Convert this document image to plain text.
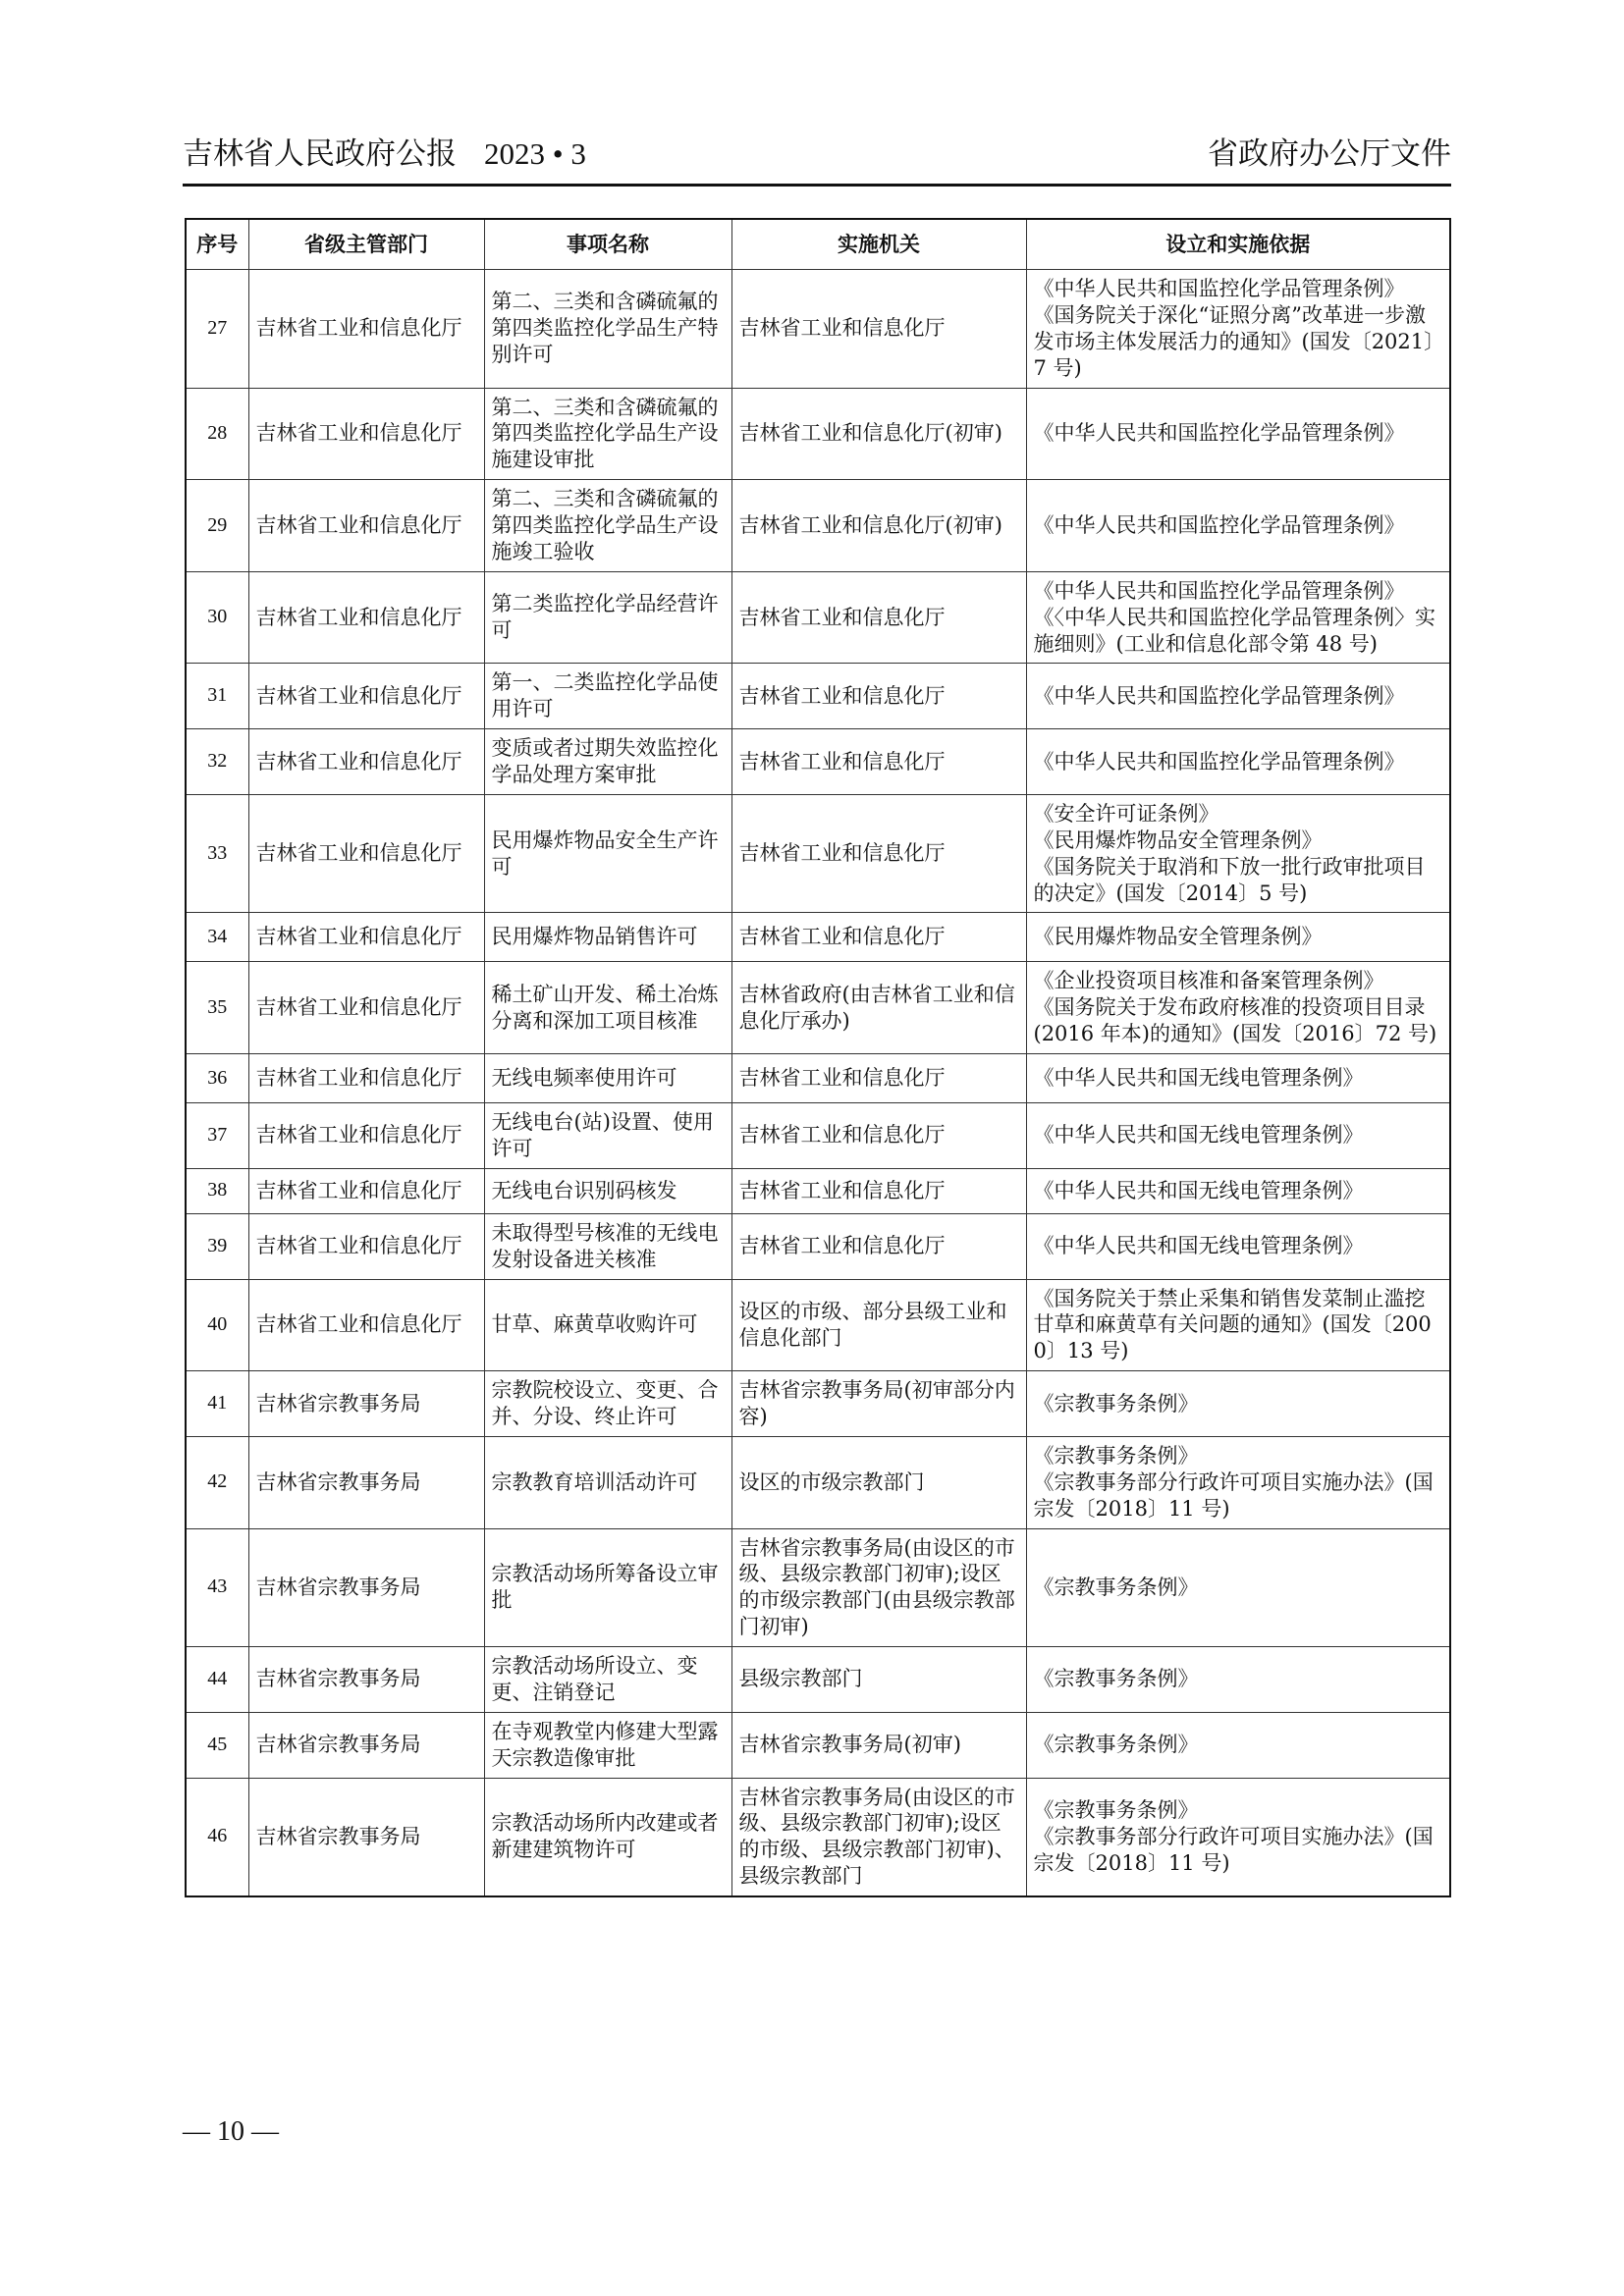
吉林省人民政府公报 2023 • 3	省政府办公厅文件
序号	省级主管部门	事项名称	实施机关	设立和实施依据
27	吉林省工业和信息化厅	第二、三类和含磷硫氟的第四类监控化学品生产特别许可	吉林省工业和信息化厅	《中华人民共和国监控化学品管理条例》
《国务院关于深化“证照分离”改革进一步激发市场主体发展活力的通知》(国发〔2021〕7 号)

28	吉林省工业和信息化厅	第二、三类和含磷硫氟的第四类监控化学品生产设施建设审批	吉林省工业和信息化厅(初审)	《中华人民共和国监控化学品管理条例》

29	吉林省工业和信息化厅	第二、三类和含磷硫氟的第四类监控化学品生产设施竣工验收	吉林省工业和信息化厅(初审)	《中华人民共和国监控化学品管理条例》

30	吉林省工业和信息化厅	第二类监控化学品经营许可	吉林省工业和信息化厅	《中华人民共和国监控化学品管理条例》
《〈中华人民共和国监控化学品管理条例〉实施细则》(工业和信息化部令第 48 号)

31	吉林省工业和信息化厅	第一、二类监控化学品使用许可	吉林省工业和信息化厅	《中华人民共和国监控化学品管理条例》

32	吉林省工业和信息化厅	变质或者过期失效监控化学品处理方案审批	吉林省工业和信息化厅	《中华人民共和国监控化学品管理条例》

33	吉林省工业和信息化厅	民用爆炸物品安全生产许可	吉林省工业和信息化厅	《安全许可证条例》
《民用爆炸物品安全管理条例》
《国务院关于取消和下放一批行政审批项目的决定》(国发〔2014〕5 号)

34	吉林省工业和信息化厅	民用爆炸物品销售许可	吉林省工业和信息化厅	《民用爆炸物品安全管理条例》

35	吉林省工业和信息化厅	稀土矿山开发、稀土冶炼分离和深加工项目核准	吉林省政府(由吉林省工业和信息化厅承办)	《企业投资项目核准和备案管理条例》
《国务院关于发布政府核准的投资项目目录(2016 年本)的通知》(国发〔2016〕72 号)

36	吉林省工业和信息化厅	无线电频率使用许可	吉林省工业和信息化厅	《中华人民共和国无线电管理条例》

37	吉林省工业和信息化厅	无线电台(站)设置、使用许可	吉林省工业和信息化厅	《中华人民共和国无线电管理条例》

38	吉林省工业和信息化厅	无线电台识别码核发	吉林省工业和信息化厅	《中华人民共和国无线电管理条例》

39	吉林省工业和信息化厅	未取得型号核准的无线电发射设备进关核准	吉林省工业和信息化厅	《中华人民共和国无线电管理条例》

40	吉林省工业和信息化厅	甘草、麻黄草收购许可	设区的市级、部分县级工业和信息化部门	《国务院关于禁止采集和销售发菜制止滥挖甘草和麻黄草有关问题的通知》(国发〔2000〕13 号)

41	吉林省宗教事务局	宗教院校设立、变更、合并、分设、终止许可	吉林省宗教事务局(初审部分内容)	《宗教事务条例》

42	吉林省宗教事务局	宗教教育培训活动许可	设区的市级宗教部门	《宗教事务条例》
《宗教事务部分行政许可项目实施办法》(国宗发〔2018〕11 号)

43	吉林省宗教事务局	宗教活动场所筹备设立审批	吉林省宗教事务局(由设区的市级、县级宗教部门初审);设区的市级宗教部门(由县级宗教部门初审)	《宗教事务条例》

44	吉林省宗教事务局	宗教活动场所设立、变更、注销登记	县级宗教部门	《宗教事务条例》

45	吉林省宗教事务局	在寺观教堂内修建大型露天宗教造像审批	吉林省宗教事务局(初审)	《宗教事务条例》

46	吉林省宗教事务局	宗教活动场所内改建或者新建建筑物许可	吉林省宗教事务局(由设区的市级、县级宗教部门初审);设区的市级、县级宗教部门初审)、县级宗教部门	《宗教事务条例》
《宗教事务部分行政许可项目实施办法》(国宗发〔2018〕11 号)
— 10 —
